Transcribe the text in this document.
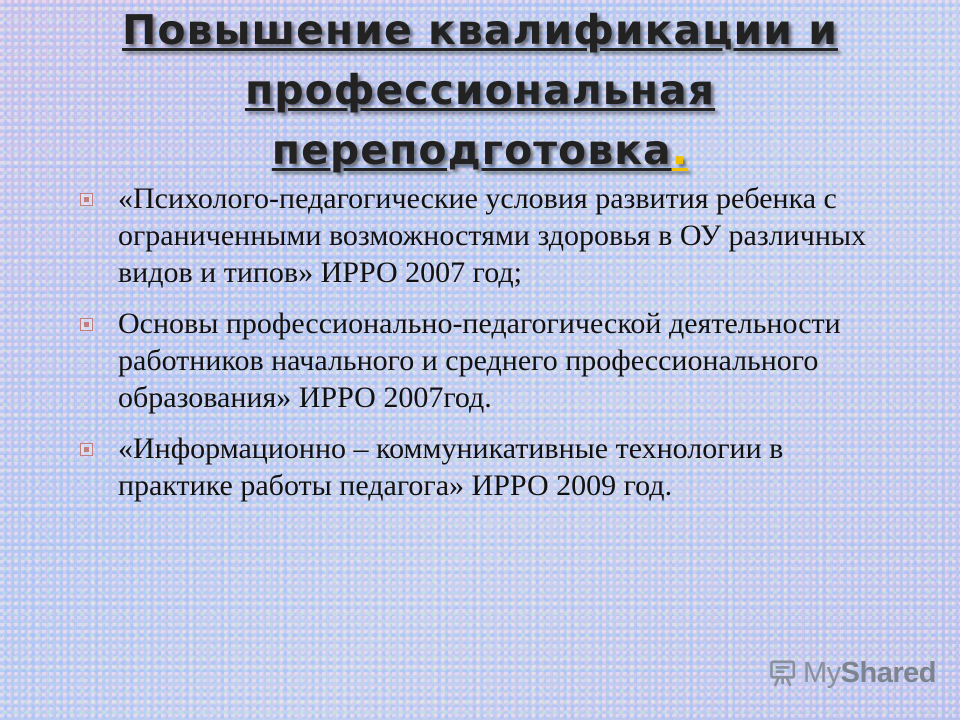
Повышение квалификации и
профессиональная
переподготовка.

«Психолого-педагогические условия развития ребенка с ограниченными возможностями здоровья в ОУ различных видов и типов» ИРРО 2007 год;

Основы профессионально-педагогической деятельности работников начального и среднего профессионального образования» ИРРО 2007год.

«Информационно – коммуникативные технологии в практике работы педагога» ИРРО 2009 год.

MyShared
